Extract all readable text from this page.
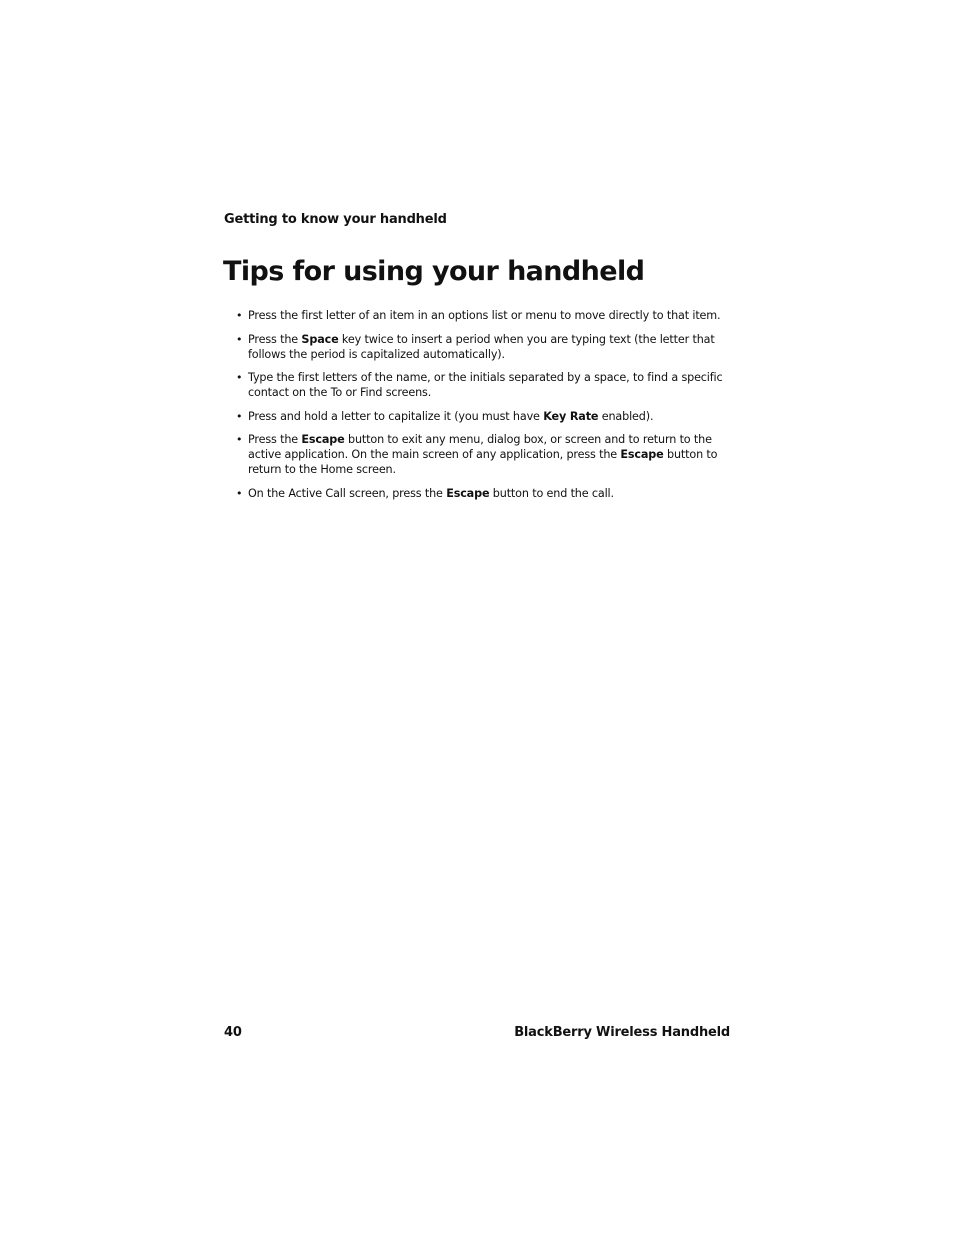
Getting to know your handheld
Tips for using your handheld
• Press the first letter of an item in an options list or menu to move directly to that item.
• Press the Space key twice to insert a period when you are typing text (the letter that follows the period is capitalized automatically).
• Type the first letters of the name, or the initials separated by a space, to find a specific contact on the To or Find screens.
• Press and hold a letter to capitalize it (you must have Key Rate enabled).
• Press the Escape button to exit any menu, dialog box, or screen and to return to the active application. On the main screen of any application, press the Escape button to return to the Home screen.
• On the Active Call screen, press the Escape button to end the call.
40	BlackBerry Wireless Handheld
